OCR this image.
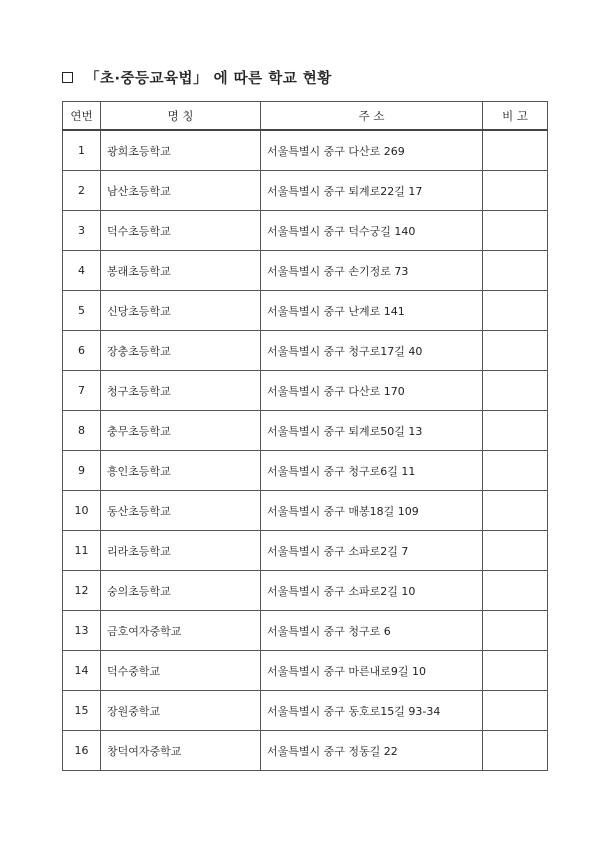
「초·중등교육법」 에 따른 학교 현황
연번	명 칭	주 소	비 고
1	광희초등학교	서울특별시 중구 다산로 269	
2	남산초등학교	서울특별시 중구 퇴계로22길 17	
3	덕수초등학교	서울특별시 중구 덕수궁길 140	
4	봉래초등학교	서울특별시 중구 손기정로 73	
5	신당초등학교	서울특별시 중구 난계로 141	
6	장충초등학교	서울특별시 중구 청구로17길 40	
7	청구초등학교	서울특별시 중구 다산로 170	
8	충무초등학교	서울특별시 중구 퇴계로50길 13	
9	흥인초등학교	서울특별시 중구 청구로6길 11	
10	동산초등학교	서울특별시 중구 매봉18길 109	
11	리라초등학교	서울특별시 중구 소파로2길 7	
12	숭의초등학교	서울특별시 중구 소파로2길 10	
13	금호여자중학교	서울특별시 중구 청구로 6	
14	덕수중학교	서울특별시 중구 마른내로9길 10	
15	장원중학교	서울특별시 중구 동호로15길 93-34	
16	창덕여자중학교	서울특별시 중구 정동길 22	
